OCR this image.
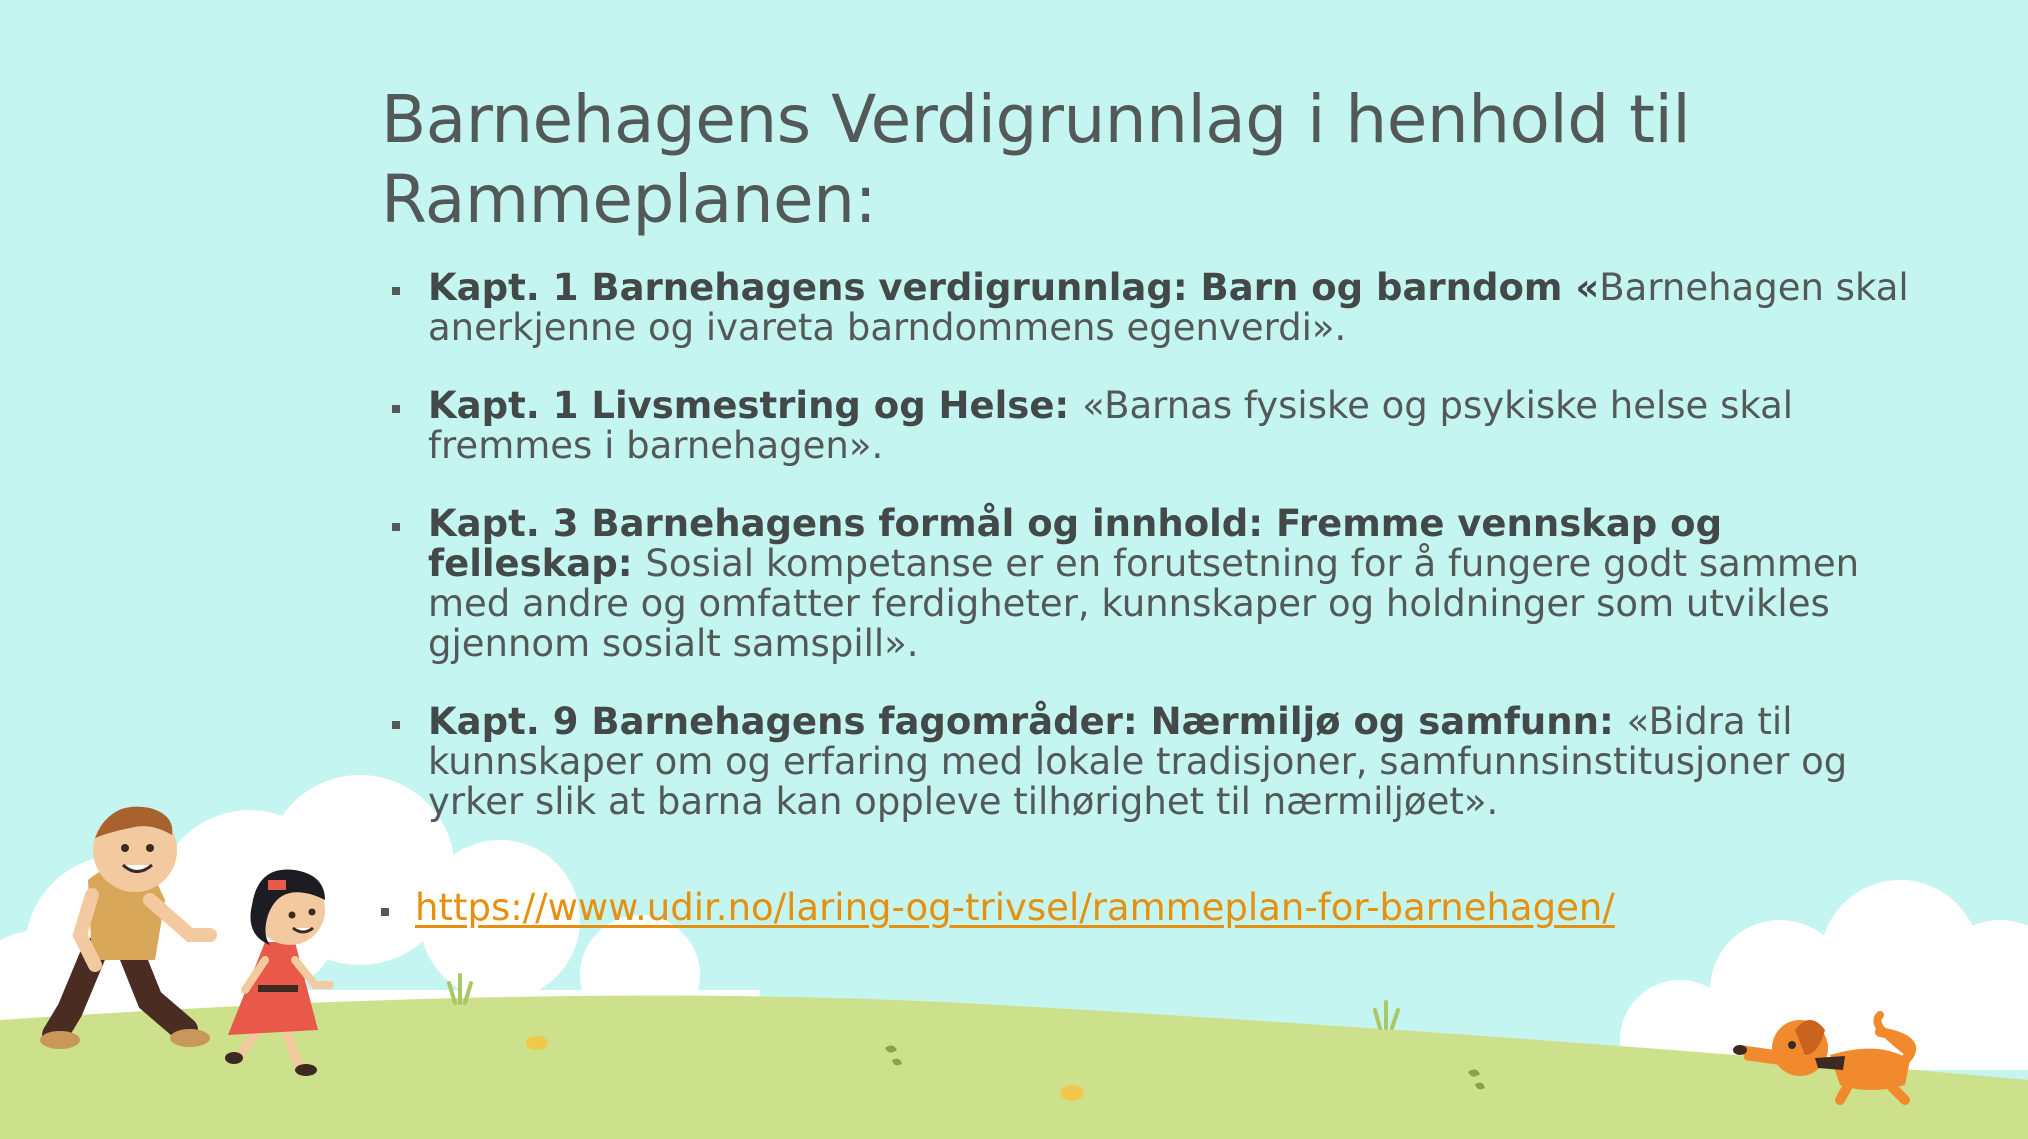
Barnehagens Verdigrunnlag i henhold til Rammeplanen:
Kapt. 1 Barnehagens verdigrunnlag: Barn og barndom «Barnehagen skal anerkjenne og ivareta barndommens egenverdi».
Kapt. 1 Livsmestring og Helse: «Barnas fysiske og psykiske helse skal fremmes i barnehagen».
Kapt. 3 Barnehagens formål og innhold: Fremme vennskap og felleskap: Sosial kompetanse er en forutsetning for å fungere godt sammen med andre og omfatter ferdigheter, kunnskaper og holdninger som utvikles gjennom sosialt samspill».
Kapt. 9 Barnehagens fagområder: Nærmiljø og samfunn: «Bidra til kunnskaper om og erfaring med lokale tradisjoner, samfunnsinstitusjoner og yrker slik at barna kan oppleve tilhørighet til nærmiljøet».
https://www.udir.no/laring-og-trivsel/rammeplan-for-barnehagen/
